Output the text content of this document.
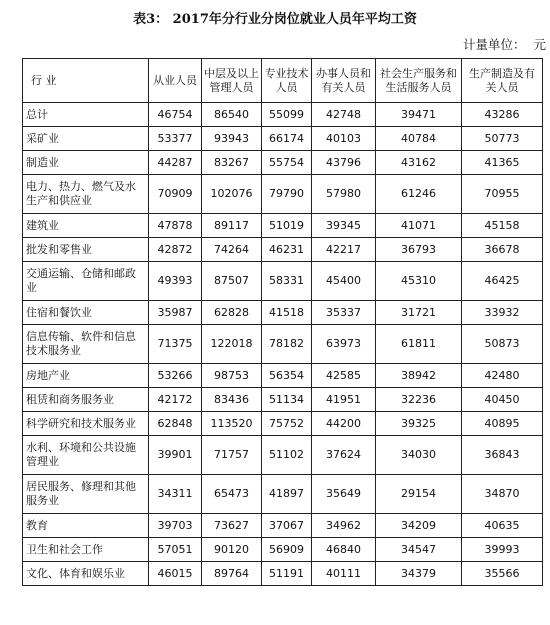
表3： 2017年分行业分岗位就业人员年平均工资
计量单位：  元
行 业	从业人员	中层及以上管理人员	专业技术人员	办事人员和有关人员	社会生产服务和生活服务人员	生产制造及有关人员
总计	46754	86540	55099	42748	39471	43286
采矿业	53377	93943	66174	40103	40784	50773
制造业	44287	83267	55754	43796	43162	41365
电力、热力、燃气及水生产和供应业	70909	102076	79790	57980	61246	70955
建筑业	47878	89117	51019	39345	41071	45158
批发和零售业	42872	74264	46231	42217	36793	36678
交通运输、仓储和邮政业	49393	87507	58331	45400	45310	46425
住宿和餐饮业	35987	62828	41518	35337	31721	33932
信息传输、软件和信息技术服务业	71375	122018	78182	63973	61811	50873
房地产业	53266	98753	56354	42585	38942	42480
租赁和商务服务业	42172	83436	51134	41951	32236	40450
科学研究和技术服务业	62848	113520	75752	44200	39325	40895
水利、环境和公共设施管理业	39901	71757	51102	37624	34030	36843
居民服务、修理和其他服务业	34311	65473	41897	35649	29154	34870
教育	39703	73627	37067	34962	34209	40635
卫生和社会工作	57051	90120	56909	46840	34547	39993
文化、体育和娱乐业	46015	89764	51191	40111	34379	35566
